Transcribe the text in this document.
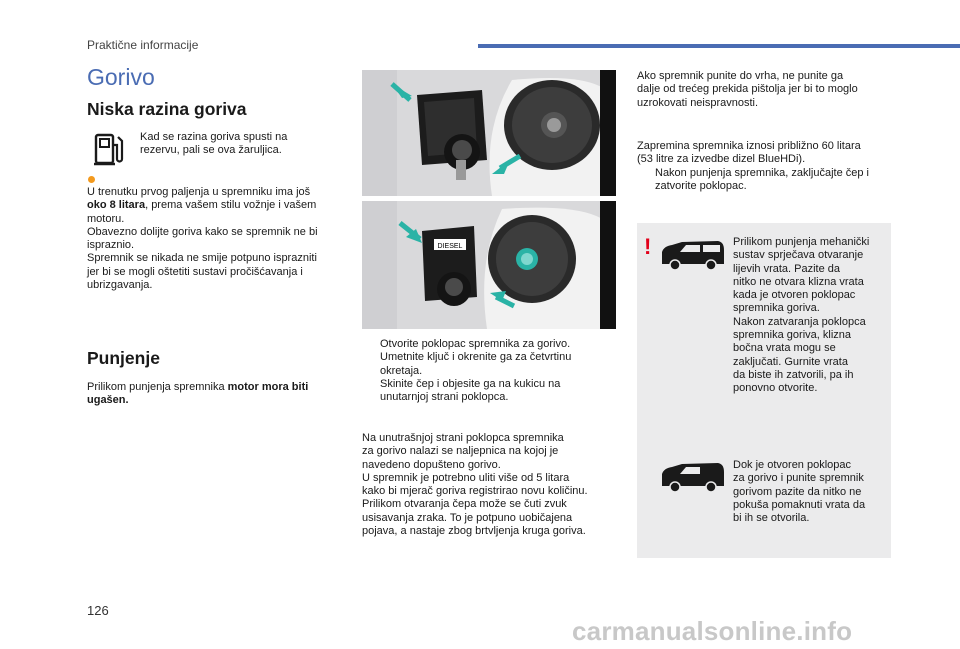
Praktične informacije
Gorivo
Niska razina goriva
Kad se razina goriva spusti na rezervu, pali se ova žaruljica.
U trenutku prvog paljenja u spremniku ima još
oko 8 litara, prema vašem stilu vožnje i vašem
motoru.
Obavezno dolijte goriva kako se spremnik ne bi
ispraznio.
Spremnik se nikada ne smije potpuno isprazniti
jer bi se mogli oštetiti sustavi pročišćavanja i
ubrizgavanja.
Punjenje
Prilikom punjenja spremnika motor mora biti
ugašen.
DIESEL
Otvorite poklopac spremnika za gorivo.
Umetnite ključ i okrenite ga za četvrtinu
okretaja.
Skinite čep i objesite ga na kukicu na
unutarnjoj strani poklopca.
Na unutrašnjoj strani poklopca spremnika
za gorivo nalazi se naljepnica na kojoj je
navedeno dopušteno gorivo.
U spremnik je potrebno uliti više od 5 litara
kako bi mjerač goriva registrirao novu količinu.
Prilikom otvaranja čepa može se čuti zvuk
usisavanja zraka. To je potpuno uobičajena
pojava, a nastaje zbog brtvljenja kruga goriva.
Ako spremnik punite do vrha, ne punite ga
dalje od trećeg prekida pištolja jer bi to moglo
uzrokovati neispravnosti.
Zapremina spremnika iznosi približno 60 litara
(53 litre za izvedbe dizel BlueHDi).
Nakon punjenja spremnika, zaključajte čep i
zatvorite poklopac.
!	Prilikom punjenja mehanički
sustav sprječava otvaranje
lijevih vrata. Pazite da
nitko ne otvara klizna vrata
kada je otvoren poklopac
spremnika goriva.
Nakon zatvaranja poklopca
spremnika goriva, klizna
bočna vrata mogu se
zaključati. Gurnite vrata
da biste ih zatvorili, pa ih
ponovno otvorite.
Dok je otvoren poklopac
za gorivo i punite spremnik
gorivom pazite da nitko ne
pokuša pomaknuti vrata da
bi ih se otvorila.
126
carmanualsonline.info
